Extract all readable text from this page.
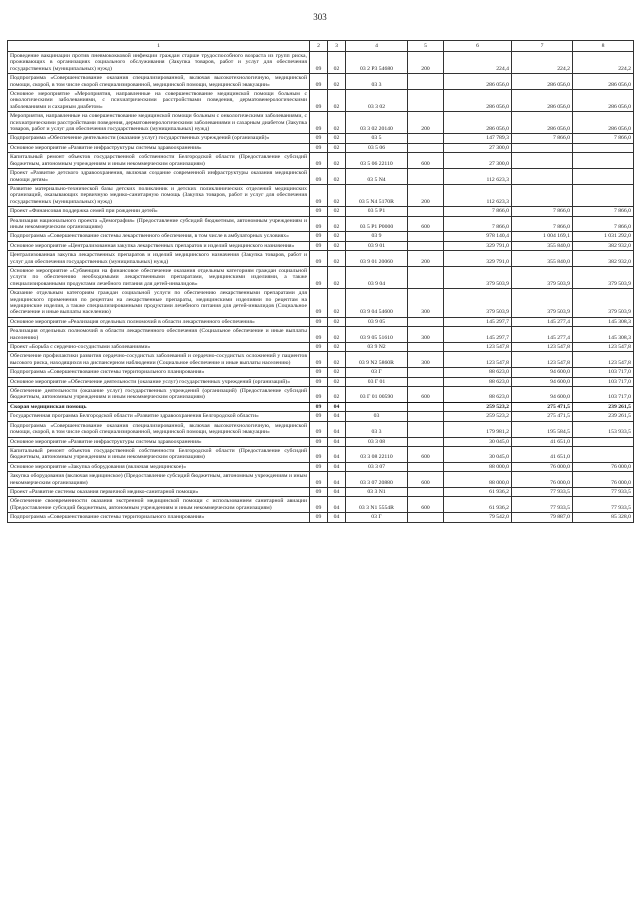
303
1	2	3	4	5	6	7	8
Проведение вакцинации против пневмококковой инфекции граждан старше трудоспособного возраста из групп риска, проживающих в организациях социального обслуживания (Закупка товаров, работ и услуг для обеспечения государственных (муниципальных) нужд)	09	02	03 2 Р3 54680	200	224,4	224,2	224,2
Подпрограмма «Совершенствование оказания специализированной, включая высокотехнологичную, медицинской помощи, скорой, в том числе скорой специализированной, медицинской помощи, медицинской эвакуации»	09	02	03 3		286 056,0	286 056,0	286 056,0
Основное мероприятие «Мероприятия, направленные на совершенствование медицинской помощи больным с онкологическими заболеваниями, с психиатрическими расстройствами поведения, дерматовенерологическими заболеваниями и сахарным диабетом»	09	02	03 3 02		286 056,0	286 056,0	286 056,0
Мероприятия, направленные на совершенствование медицинской помощи больным с онкологическими заболеваниями, с психиатрическими расстройствами поведения, дерматовенерологическими заболеваниями и сахарным диабетом (Закупка товаров, работ и услуг для обеспечения государственных (муниципальных) нужд)	09	02	03 3 02 20140	200	286 056,0	286 056,0	286 056,0
Подпрограмма «Обеспечение деятельности (оказание услуг) государственных учреждений (организаций)»	09	02	03 5		147 789,3	7 866,0	7 866,0
Основное мероприятие «Развитие инфраструктуры системы здравоохранения»	09	02	03 5 06		27 300,0		
Капитальный ремонт объектов государственной собственности Белгородской области (Предоставление субсидий бюджетным, автономным учреждениям и иным некоммерческим организациям)	09	02	03 5 06 22110	600	27 300,0		
Проект «Развитие детского здравоохранения, включая создание современной инфраструктуры оказания медицинской помощи детям»	09	02	03 5 N4		112 623,3		
Развитие материально-технической базы детских поликлиник и детских поликлинических отделений медицинских организаций, оказывающих первичную медико-санитарную помощь (Закупка товаров, работ и услуг для обеспечения государственных (муниципальных) нужд)	09	02	03 5 N4 5170R	200	112 623,3		
Проект «Финансовая поддержка семей при рождении детей»	09	02	03 5 Р1		7 866,0	7 866,0	7 866,0
Реализация национального проекта «Демография» (Предоставление субсидий бюджетным, автономным учреждениям и иным некоммерческим организациям)	09	02	03 5 Р1 Р0000	600	7 866,0	7 866,0	7 866,0
Подпрограмма «Совершенствование системы лекарственного обеспечения, в том числе в амбулаторных условиях»	09	02	03 9		978 140,4	1 004 169,1	1 031 292,0
Основное мероприятие «Централизованная закупка лекарственных препаратов и изделий медицинского назначения»	09	02	03 9 01		329 791,0	355 840,0	382 932,0
Централизованная закупка лекарственных препаратов и изделий медицинского назначения (Закупка товаров, работ и услуг для обеспечения государственных (муниципальных) нужд)	09	02	03 9 01 20060	200	329 791,0	355 840,0	382 932,0
Основное мероприятие «Субвенции на финансовое обеспечение оказания отдельным категориям граждан социальной услуги по обеспечению необходимыми лекарственными препаратами, медицинскими изделиями, а также специализированными продуктами лечебного питания для детей-инвалидов»	09	02	03 9 04		379 503,9	379 503,9	379 503,9
Оказание отдельным категориям граждан социальной услуги по обеспечению лекарственными препаратами для медицинского применения по рецептам на лекарственные препараты, медицинскими изделиями по рецептам на медицинские изделия, а также специализированными продуктами лечебного питания для детей-инвалидов (Социальное обеспечение и иные выплаты населению)	09	02	03 9 04 54600	300	379 503,9	379 503,9	379 503,9
Основное мероприятие «Реализация отдельных полномочий в области лекарственного обеспечения»	09	02	03 9 05		145 297,7	145 277,4	145 308,3
Реализация отдельных полномочий в области лекарственного обеспечения (Социальное обеспечение и иные выплаты населению)	09	02	03 9 05 51610	300	145 297,7	145 277,4	145 308,3
Проект «Борьба с сердечно-сосудистыми заболеваниями»	09	02	03 9 N2		123 547,8	123 547,8	123 547,8
Обеспечение профилактики развития сердечно-сосудистых заболеваний и сердечно-сосудистых осложнений у пациентов высокого риска, находящихся на диспансерном наблюдении (Социальное обеспечение и иные выплаты населению)	09	02	03 9 N2 5860R	300	123 547,8	123 547,8	123 547,8
Подпрограмма «Совершенствование системы территориального планирования»	09	02	03 Г		88 623,0	94 600,0	103 717,0
Основное мероприятие «Обеспечение деятельности (оказание услуг) государственных учреждений (организаций)»	09	02	03 Г 01		88 623,0	94 600,0	103 717,0
Обеспечение деятельности (оказание услуг) государственных учреждений (организаций) (Предоставление субсидий бюджетным, автономным учреждениям и иным некоммерческим организациям)	09	02	03 Г 01 00590	600	88 623,0	94 600,0	103 717,0
Скорая медицинская помощь	09	04			259 523,2	275 471,5	239 261,5
Государственная программа Белгородской области «Развитие здравоохранения Белгородской области»	09	04	03		259 523,2	275 471,5	239 261,5
Подпрограмма «Совершенствование оказания специализированной, включая высокотехнологичную, медицинской помощи, скорой, в том числе скорой специализированной, медицинской помощи, медицинской эвакуации»	09	04	03 3		179 981,2	195 584,5	153 933,5
Основное мероприятие «Развитие инфраструктуры системы здравоохранения»	09	04	03 3 08		30 045,0	41 651,0	
Капитальный ремонт объектов государственной собственности Белгородской области (Предоставление субсидий бюджетным, автономным учреждениям и иным некоммерческим организациям)	09	04	03 3 08 22110	600	30 045,0	41 651,0	
Основное мероприятие «Закупка оборудования (включая медицинское)»	09	04	03 3 07		88 000,0	76 000,0	76 000,0
Закупка оборудования (включая медицинское) (Предоставление субсидий бюджетным, автономным учреждениям и иным некоммерческим организациям)	09	04	03 3 07 20880	600	88 000,0	76 000,0	76 000,0
Проект «Развитие системы оказания первичной медико-санитарной помощи»	09	04	03 3 N1		61 936,2	77 933,5	77 933,5
Обеспечение своевременности оказания экстренной медицинской помощи с использованием санитарной авиации (Предоставление субсидий бюджетным, автономным учреждениям и иным некоммерческим организациям)	09	04	03 3 N1 5554R	600	61 936,2	77 933,5	77 933,5
Подпрограмма «Совершенствование системы территориального планирования»	09	04	03 Г		79 542,0	79 887,0	85 328,0
